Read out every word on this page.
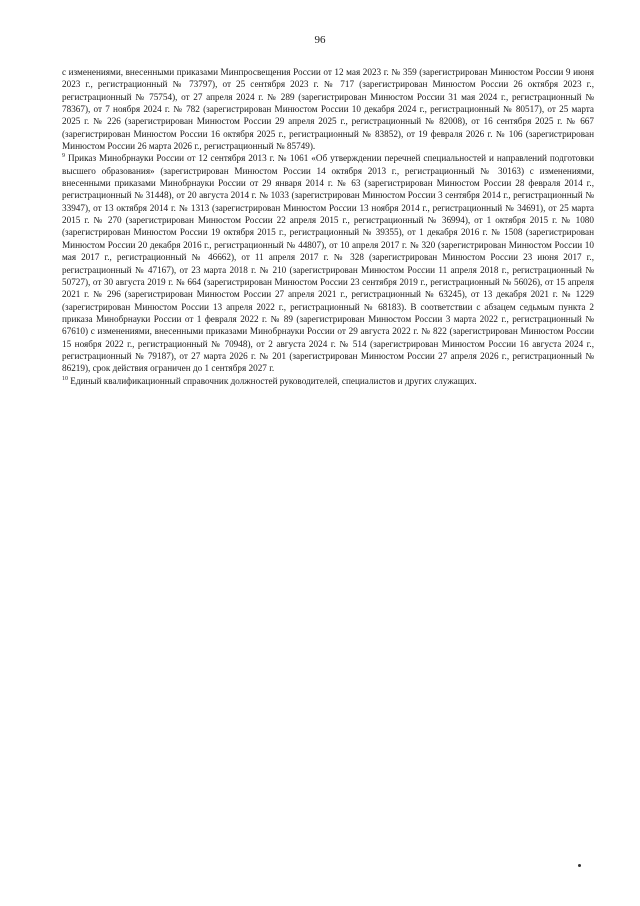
96

с изменениями, внесенными приказами Минпросвещения России от 12 мая 2023 г. № 359 (зарегистрирован Минюстом России 9 июня 2023 г., регистрационный № 73797), от 25 сентября 2023 г. № 717 (зарегистрирован Минюстом России 26 октября 2023 г., регистрационный № 75754), от 27 апреля 2024 г. № 289 (зарегистрирован Минюстом России 31 мая 2024 г., регистрационный № 78367), от 7 ноября 2024 г. № 782 (зарегистрирован Минюстом России 10 декабря 2024 г., регистрационный № 80517), от 25 марта 2025 г. № 226 (зарегистрирован Минюстом России 29 апреля 2025 г., регистрационный № 82008), от 16 сентября 2025 г. № 667 (зарегистрирован Минюстом России 16 октября 2025 г., регистрационный № 83852), от 19 февраля 2026 г. № 106 (зарегистрирован Минюстом России 26 марта 2026 г., регистрационный № 85749).

$^9$ Приказ Минобрнауки России от 12 сентября 2013 г. № 1061 «Об утверждении перечней специальностей и направлений подготовки высшего образования» (зарегистрирован Минюстом России 14 октября 2013 г., регистрационный № 30163) с изменениями, внесенными приказами Минобрнауки России от 29 января 2014 г. № 63 (зарегистрирован Минюстом России 28 февраля 2014 г., регистрационный № 31448), от 20 августа 2014 г. № 1033 (зарегистрирован Минюстом России 3 сентября 2014 г., регистрационный № 33947), от 13 октября 2014 г. № 1313 (зарегистрирован Минюстом России 13 ноября 2014 г., регистрационный № 34691), от 25 марта 2015 г. № 270 (зарегистрирован Минюстом России 22 апреля 2015 г., регистрационный № 36994), от 1 октября 2015 г. № 1080 (зарегистрирован Минюстом России 19 октября 2015 г., регистрационный № 39355), от 1 декабря 2016 г. № 1508 (зарегистрирован Минюстом России 20 декабря 2016 г., регистрационный № 44807), от 10 апреля 2017 г. № 320 (зарегистрирован Минюстом России 10 мая 2017 г., регистрационный № 46662), от 11 апреля 2017 г. № 328 (зарегистрирован Минюстом России 23 июня 2017 г., регистрационный № 47167), от 23 марта 2018 г. № 210 (зарегистрирован Минюстом России 11 апреля 2018 г., регистрационный № 50727), от 30 августа 2019 г. № 664 (зарегистрирован Минюстом России 23 сентября 2019 г., регистрационный № 56026), от 15 апреля 2021 г. № 296 (зарегистрирован Минюстом России 27 апреля 2021 г., регистрационный № 63245), от 13 декабря 2021 г. № 1229 (зарегистрирован Минюстом России 13 апреля 2022 г., регистрационный № 68183). В соответствии с абзацем седьмым пункта 2 приказа Минобрнауки России от 1 февраля 2022 г. № 89 (зарегистрирован Минюстом России 3 марта 2022 г., регистрационный № 67610) с изменениями, внесенными приказами Минобрнауки России от 29 августа 2022 г. № 822 (зарегистрирован Минюстом России 15 ноября 2022 г., регистрационный № 70948), от 2 августа 2024 г. № 514 (зарегистрирован Минюстом России 16 августа 2024 г., регистрационный № 79187), от 27 марта 2026 г. № 201 (зарегистрирован Минюстом России 27 апреля 2026 г., регистрационный № 86219), срок действия ограничен до 1 сентября 2027 г.

$^{10}$ Единый квалификационный справочник должностей руководителей, специалистов и других служащих.
